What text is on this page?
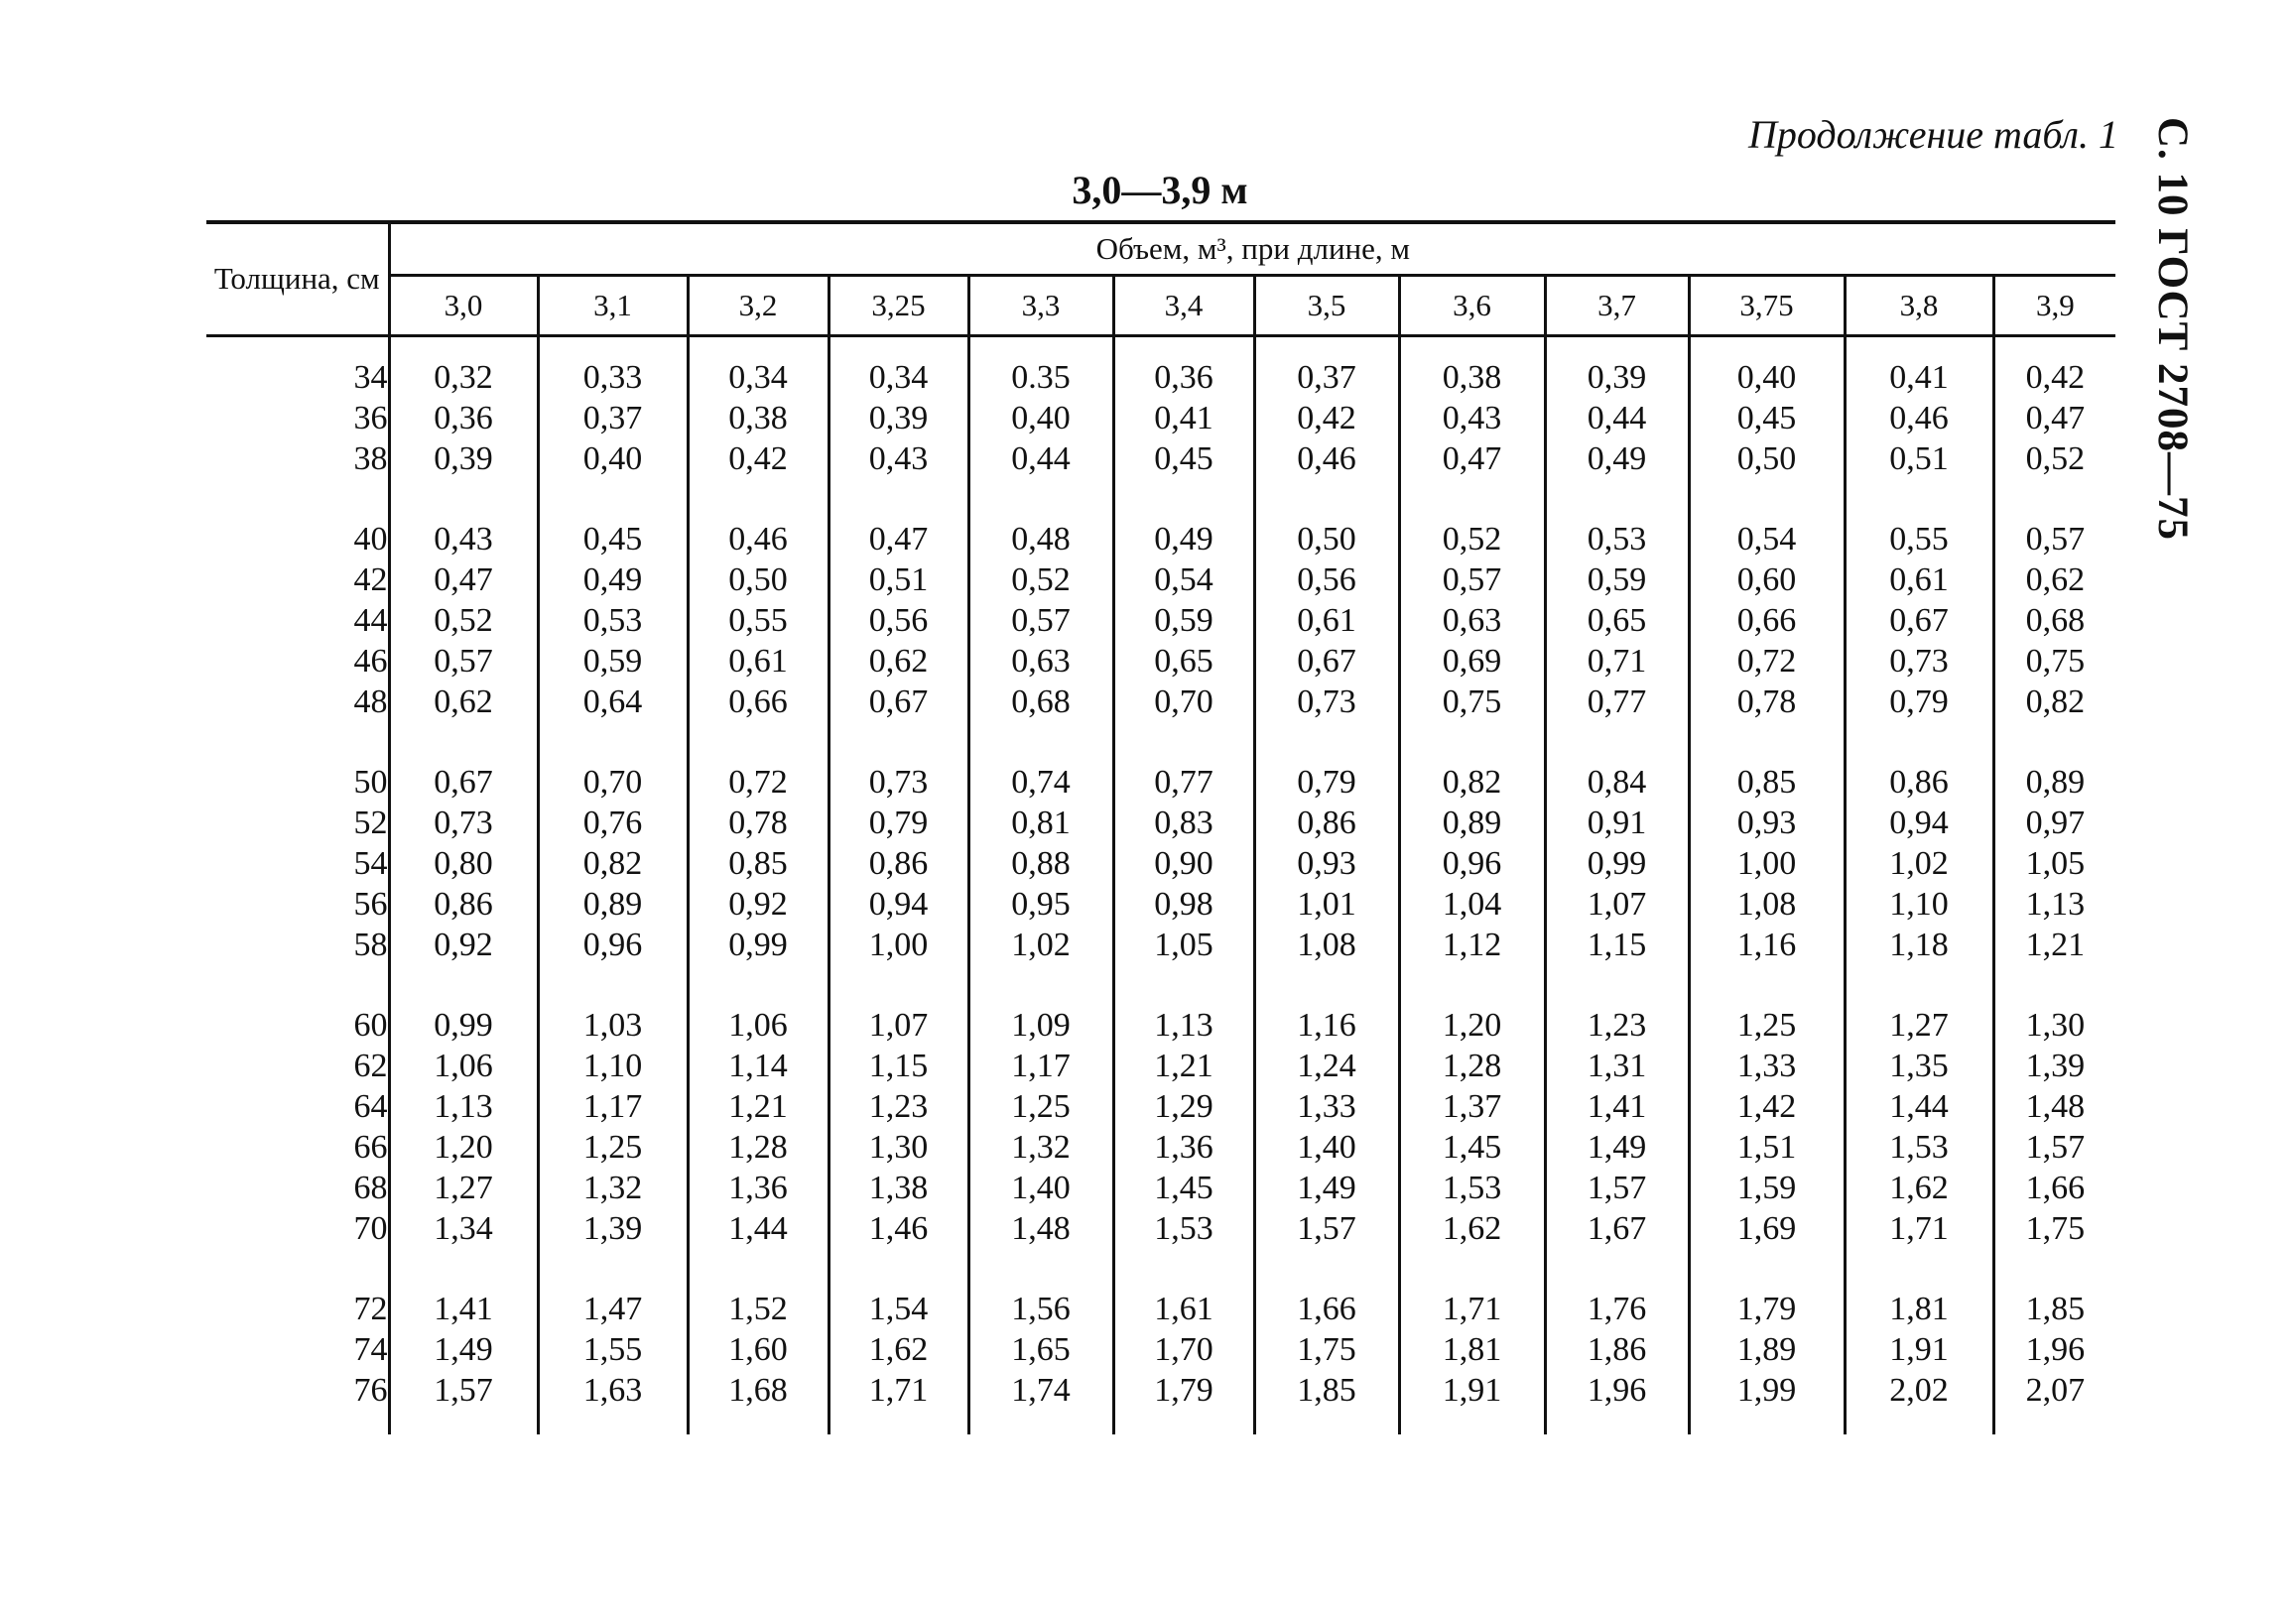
Продолжение табл. 1 С. 10 ГОСТ 2708—75
3,0—3,9 м
Толщина, см	Объем, м³, при длине, м											
	3,0	3,1	3,2	3,25	3,3	3,4	3,5	3,6	3,7	3,75	3,8	3,9

34	0,32	0,33	0,34	0,34	0.35	0,36	0,37	0,38	0,39	0,40	0,41	0,42
36	0,36	0,37	0,38	0,39	0,40	0,41	0,42	0,43	0,44	0,45	0,46	0,47
38	0,39	0,40	0,42	0,43	0,44	0,45	0,46	0,47	0,49	0,50	0,51	0,52

40	0,43	0,45	0,46	0,47	0,48	0,49	0,50	0,52	0,53	0,54	0,55	0,57
42	0,47	0,49	0,50	0,51	0,52	0,54	0,56	0,57	0,59	0,60	0,61	0,62
44	0,52	0,53	0,55	0,56	0,57	0,59	0,61	0,63	0,65	0,66	0,67	0,68
46	0,57	0,59	0,61	0,62	0,63	0,65	0,67	0,69	0,71	0,72	0,73	0,75
48	0,62	0,64	0,66	0,67	0,68	0,70	0,73	0,75	0,77	0,78	0,79	0,82

50	0,67	0,70	0,72	0,73	0,74	0,77	0,79	0,82	0,84	0,85	0,86	0,89
52	0,73	0,76	0,78	0,79	0,81	0,83	0,86	0,89	0,91	0,93	0,94	0,97
54	0,80	0,82	0,85	0,86	0,88	0,90	0,93	0,96	0,99	1,00	1,02	1,05
56	0,86	0,89	0,92	0,94	0,95	0,98	1,01	1,04	1,07	1,08	1,10	1,13
58	0,92	0,96	0,99	1,00	1,02	1,05	1,08	1,12	1,15	1,16	1,18	1,21

60	0,99	1,03	1,06	1,07	1,09	1,13	1,16	1,20	1,23	1,25	1,27	1,30
62	1,06	1,10	1,14	1,15	1,17	1,21	1,24	1,28	1,31	1,33	1,35	1,39
64	1,13	1,17	1,21	1,23	1,25	1,29	1,33	1,37	1,41	1,42	1,44	1,48
66	1,20	1,25	1,28	1,30	1,32	1,36	1,40	1,45	1,49	1,51	1,53	1,57
68	1,27	1,32	1,36	1,38	1,40	1,45	1,49	1,53	1,57	1,59	1,62	1,66
70	1,34	1,39	1,44	1,46	1,48	1,53	1,57	1,62	1,67	1,69	1,71	1,75

72	1,41	1,47	1,52	1,54	1,56	1,61	1,66	1,71	1,76	1,79	1,81	1,85
74	1,49	1,55	1,60	1,62	1,65	1,70	1,75	1,81	1,86	1,89	1,91	1,96
76	1,57	1,63	1,68	1,71	1,74	1,79	1,85	1,91	1,96	1,99	2,02	2,07
